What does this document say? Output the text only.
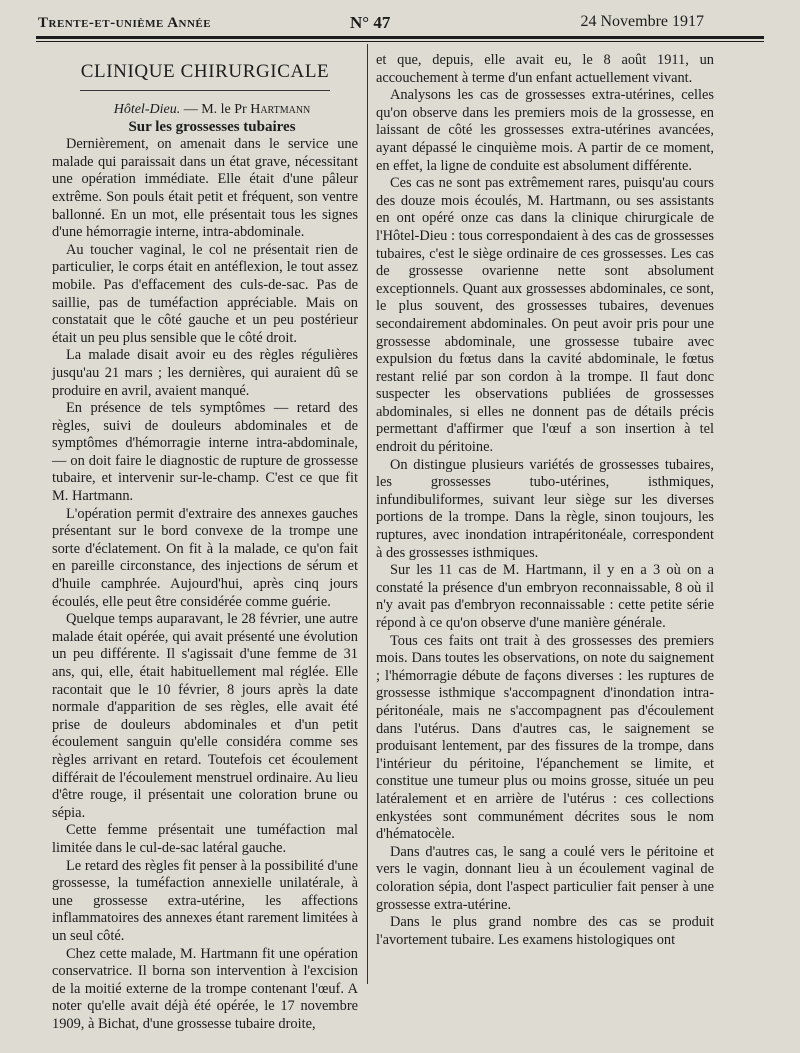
Trente-et-unième Année	N° 47	24 Novembre 1917
CLINIQUE CHIRURGICALE

Hôtel-Dieu. — M. le Pr Hartmann

Sur les grossesses tubaires

Dernièrement, on amenait dans le service une malade qui paraissait dans un état grave, nécessitant une opération immédiate. Elle était d'une pâleur extrême. Son pouls était petit et fréquent, son ventre ballonné. En un mot, elle présentait tous les signes d'une hémorragie interne, intra-abdominale.

Au toucher vaginal, le col ne présentait rien de particulier, le corps était en antéflexion, le tout assez mobile. Pas d'effacement des culs-de-sac. Pas de saillie, pas de tuméfaction appréciable. Mais on constatait que le côté gauche et un peu postérieur était un peu plus sensible que le côté droit.

La malade disait avoir eu des règles régulières jusqu'au 21 mars ; les dernières, qui auraient dû se produire en avril, avaient manqué.

En présence de tels symptômes — retard des règles, suivi de douleurs abdominales et de symptômes d'hémorragie interne intra-abdominale, — on doit faire le diagnostic de rupture de grossesse tubaire, et intervenir sur-le-champ. C'est ce que fit M. Hartmann.

L'opération permit d'extraire des annexes gauches présentant sur le bord convexe de la trompe une sorte d'éclatement. On fit à la malade, ce qu'on fait en pareille circonstance, des injections de sérum et d'huile camphrée. Aujourd'hui, après cinq jours écoulés, elle peut être considérée comme guérie.

Quelque temps auparavant, le 28 février, une autre malade était opérée, qui avait présenté une évolution un peu différente. Il s'agissait d'une femme de 31 ans, qui, elle, était habituellement mal réglée. Elle racontait que le 10 février, 8 jours après la date normale d'apparition de ses règles, elle avait été prise de douleurs abdominales et d'un petit écoulement sanguin qu'elle considéra comme ses règles arrivant en retard. Toutefois cet écoulement différait de l'écoulement menstruel ordinaire. Au lieu d'être rouge, il présentait une coloration brune ou sépia.

Cette femme présentait une tuméfaction mal limitée dans le cul-de-sac latéral gauche.

Le retard des règles fit penser à la possibilité d'une grossesse, la tuméfaction annexielle unilatérale, à une grossesse extra-utérine, les affections inflammatoires des annexes étant rarement limitées à un seul côté.

Chez cette malade, M. Hartmann fit une opération conservatrice. Il borna son intervention à l'excision de la moitié externe de la trompe contenant l'œuf. A noter qu'elle avait déjà été opérée, le 17 novembre 1909, à Bichat, d'une grossesse tubaire droite,

et que, depuis, elle avait eu, le 8 août 1911, un accouchement à terme d'un enfant actuellement vivant.

Analysons les cas de grossesses extra-utérines, celles qu'on observe dans les premiers mois de la grossesse, en laissant de côté les grossesses extra-utérines avancées, ayant dépassé le cinquième mois. A partir de ce moment, en effet, la ligne de conduite est absolument différente.

Ces cas ne sont pas extrêmement rares, puisqu'au cours des douze mois écoulés, M. Hartmann, ou ses assistants en ont opéré onze cas dans la clinique chirurgicale de l'Hôtel-Dieu : tous correspondaient à des cas de grossesses tubaires, c'est le siège ordinaire de ces grossesses. Les cas de grossesse ovarienne nette sont absolument exceptionnels. Quant aux grossesses abdominales, ce sont, le plus souvent, des grossesses tubaires, devenues secondairement abdominales. On peut avoir pris pour une grossesse abdominale, une grossesse tubaire avec expulsion du fœtus dans la cavité abdominale, le fœtus restant relié par son cordon à la trompe. Il faut donc suspecter les observations publiées de grossesses abdominales, si elles ne donnent pas de détails précis permettant d'affirmer que l'œuf a son insertion à tel endroit du péritoine.

On distingue plusieurs variétés de grossesses tubaires, les grossesses tubo-utérines, isthmiques, infundibuliformes, suivant leur siège sur les diverses portions de la trompe. Dans la règle, sinon toujours, les ruptures, avec inondation intrapéritonéale, correspondent à des grossesses isthmiques.

Sur les 11 cas de M. Hartmann, il y en a 3 où on a constaté la présence d'un embryon reconnaissable, 8 où il n'y avait pas d'embryon reconnaissable : cette petite série répond à ce qu'on observe d'une manière générale.

Tous ces faits ont trait à des grossesses des premiers mois. Dans toutes les observations, on note du saignement ; l'hémorragie débute de façons diverses : les ruptures de grossesse isthmique s'accompagnent d'inondation intra-péritonéale, mais ne s'accompagnent pas d'écoulement dans l'utérus. Dans d'autres cas, le saignement se produisant lentement, par des fissures de la trompe, dans l'intérieur du péritoine, l'épanchement se limite, et constitue une tumeur plus ou moins grosse, située un peu latéralement et en arrière de l'utérus : ces collections enkystées sont communément décrites sous le nom d'hématocèle.

Dans d'autres cas, le sang a coulé vers le péritoine et vers le vagin, donnant lieu à un écoulement vaginal de coloration sépia, dont l'aspect particulier fait penser à une grossesse extra-utérine.

Dans le plus grand nombre des cas se produit l'avortement tubaire. Les examens histologiques ont
